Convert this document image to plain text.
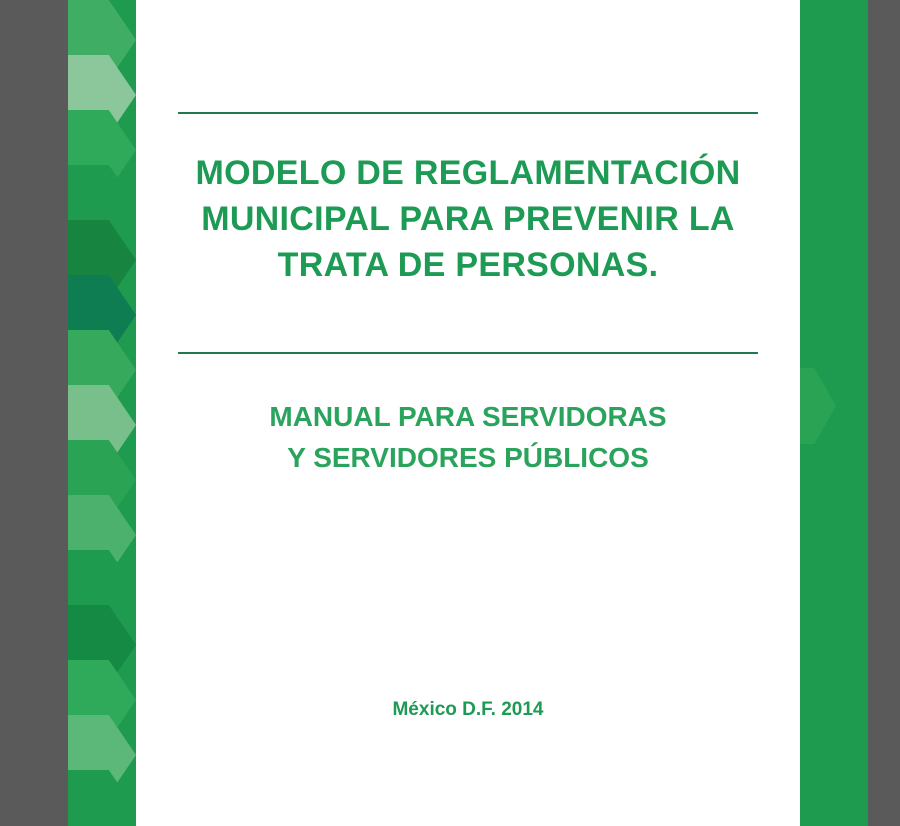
MODELO DE REGLAMENTACIÓN
MUNICIPAL PARA PREVENIR LA
TRATA DE PERSONAS.
MANUAL PARA SERVIDORAS
Y SERVIDORES PÚBLICOS
México D.F. 2014
